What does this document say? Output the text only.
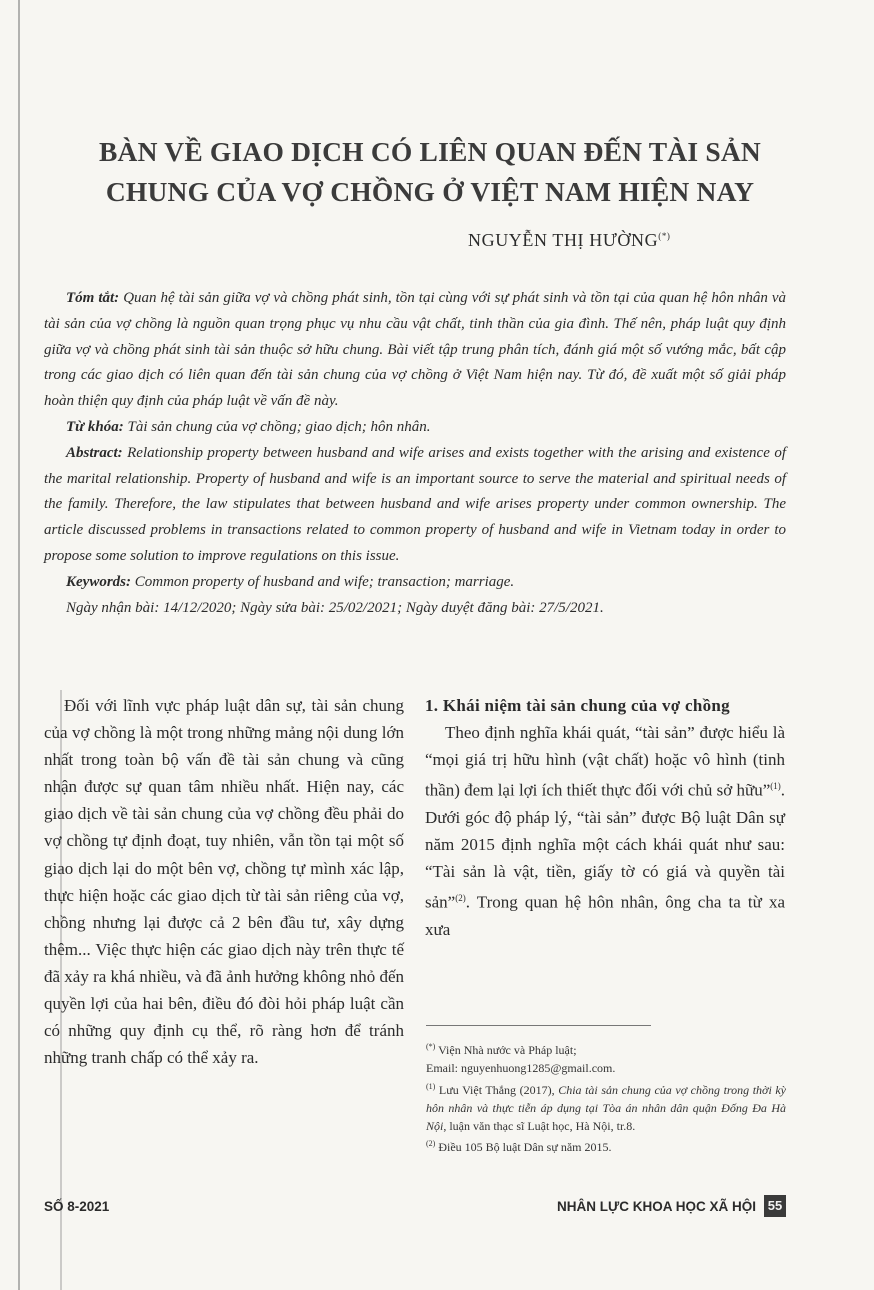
BÀN VỀ GIAO DỊCH CÓ LIÊN QUAN ĐẾN TÀI SẢN
CHUNG CỦA VỢ CHỒNG Ở VIỆT NAM HIỆN NAY
NGUYỄN THỊ HƯỜNG(*)

Tóm tắt: Quan hệ tài sản giữa vợ và chồng phát sinh, tồn tại cùng với sự phát sinh và tồn tại của quan hệ hôn nhân và tài sản của vợ chồng là nguồn quan trọng phục vụ nhu cầu vật chất, tinh thần của gia đình. Thế nên, pháp luật quy định giữa vợ và chồng phát sinh tài sản thuộc sở hữu chung. Bài viết tập trung phân tích, đánh giá một số vướng mắc, bất cập trong các giao dịch có liên quan đến tài sản chung của vợ chồng ở Việt Nam hiện nay. Từ đó, đề xuất một số giải pháp hoàn thiện quy định của pháp luật về vấn đề này.

Từ khóa: Tài sản chung của vợ chồng; giao dịch; hôn nhân.

Abstract: Relationship property between husband and wife arises and exists together with the arising and existence of the marital relationship. Property of husband and wife is an important source to serve the material and spiritual needs of the family. Therefore, the law stipulates that between husband and wife arises property under common ownership. The article discussed problems in transactions related to common property of husband and wife in Vietnam today in order to propose some solution to improve regulations on this issue.

Keywords: Common property of husband and wife; transaction; marriage.

Ngày nhận bài: 14/12/2020; Ngày sửa bài: 25/02/2021; Ngày duyệt đăng bài: 27/5/2021.

Đối với lĩnh vực pháp luật dân sự, tài sản chung của vợ chồng là một trong những mảng nội dung lớn nhất trong toàn bộ vấn đề tài sản chung và cũng nhận được sự quan tâm nhiều nhất. Hiện nay, các giao dịch về tài sản chung của vợ chồng đều phải do vợ chồng tự định đoạt, tuy nhiên, vẫn tồn tại một số giao dịch lại do một bên vợ, chồng tự mình xác lập, thực hiện hoặc các giao dịch từ tài sản riêng của vợ, chồng nhưng lại được cả 2 bên đầu tư, xây dựng thêm... Việc thực hiện các giao dịch này trên thực tế đã xảy ra khá nhiều, và đã ảnh hưởng không nhỏ đến quyền lợi của hai bên, điều đó đòi hỏi pháp luật cần có những quy định cụ thể, rõ ràng hơn để tránh những tranh chấp có thể xảy ra.

1. Khái niệm tài sản chung của vợ chồng

Theo định nghĩa khái quát, “tài sản” được hiểu là “mọi giá trị hữu hình (vật chất) hoặc vô hình (tinh thần) đem lại lợi ích thiết thực đối với chủ sở hữu”$^{(1)}$. Dưới góc độ pháp lý, “tài sản” được Bộ luật Dân sự năm 2015 định nghĩa một cách khái quát như sau: “Tài sản là vật, tiền, giấy tờ có giá và quyền tài sản”$^{(2)}$. Trong quan hệ hôn nhân, ông cha ta từ xa xưa

(*) Viện Nhà nước và Pháp luật;

Email: nguyenhuong1285@gmail.com.

$^{(1)}$ Lưu Việt Thắng (2017), Chia tài sản chung của vợ chồng trong thời kỳ hôn nhân và thực tiễn áp dụng tại Tòa án nhân dân quận Đống Đa Hà Nội, luận văn thạc sĩ Luật học, Hà Nội, tr.8.

$^{(2)}$ Điều 105 Bộ luật Dân sự năm 2015.

SỐ 8-2021	NHÂN LỰC KHOA HỌC XÃ HỘI 55
